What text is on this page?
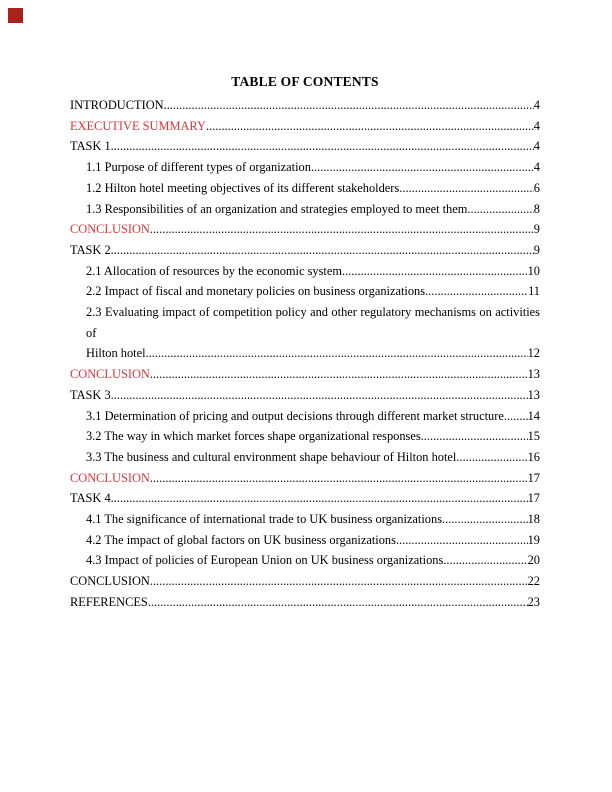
TABLE OF CONTENTS
INTRODUCTION .....	4
EXECUTIVE SUMMARY .....	4
TASK 1 .....	4
1.1 Purpose of different types of organization .....	4
1.2 Hilton hotel meeting objectives of its different stakeholders .....	6
1.3 Responsibilities of an organization and strategies employed to meet them .....	8
CONCLUSION .....	9
TASK 2 .....	9
2.1 Allocation of resources by the economic system .....	10
2.2 Impact of fiscal and monetary policies on business organizations .....	11
2.3 Evaluating impact of competition policy and other regulatory mechanisms on activities of
Hilton hotel .....	12
CONCLUSION .....	13
TASK 3 .....	13
3.1 Determination of pricing and output decisions through different market structure ..... 14
3.2 The way in which market forces shape organizational responses .....	15
3.3 The business and cultural environment shape behaviour of Hilton hotel .....	16
CONCLUSION .....	17
TASK 4 .....	17
4.1 The significance of international trade to UK business organizations .....	18
4.2 The impact of global factors on UK business organizations .....	19
4.3 Impact of policies of European Union on UK business organizations .....	20
CONCLUSION .....	22
REFERENCES .....	23
